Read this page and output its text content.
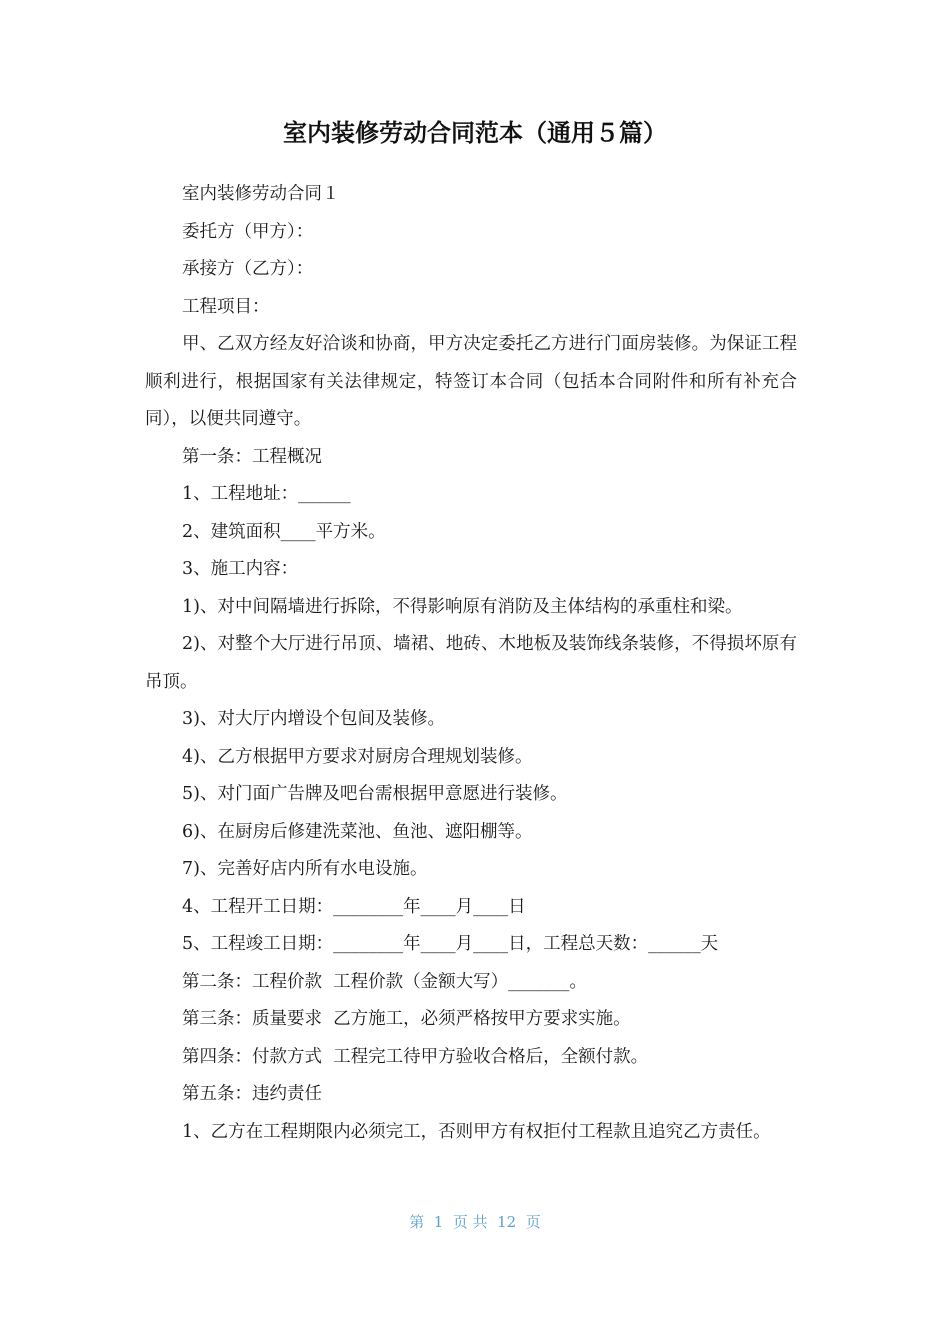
室内装修劳动合同范本（通用５篇）

室内装修劳动合同１

委托方（甲方）：

承接方（乙方）：

工程项目：

甲、乙双方经友好洽谈和协商，甲方决定委托乙方进行门面房装修。为保证工程顺利进行，根据国家有关法律规定，特签订本合同（包括本合同附件和所有补充合同），以便共同遵守。

第一条：工程概况

1、工程地址：______

2、建筑面积____平方米。

3、施工内容：

1)、对中间隔墙进行拆除，不得影响原有消防及主体结构的承重柱和梁。

2)、对整个大厅进行吊顶、墙裙、地砖、木地板及装饰线条装修，不得损坏原有吊顶。

3)、对大厅内增设个包间及装修。

4)、乙方根据甲方要求对厨房合理规划装修。

5)、对门面广告牌及吧台需根据甲意愿进行装修。

6)、在厨房后修建洗菜池、鱼池、遮阳棚等。

7)、完善好店内所有水电设施。

4、工程开工日期：________年____月____日

5、工程竣工日期：________年____月____日，工程总天数：______天

第二条：工程价款  工程价款（金额大写）_______。

第三条：质量要求  乙方施工，必须严格按甲方要求实施。

第四条：付款方式  工程完工待甲方验收合格后，全额付款。

第五条：违约责任

1、乙方在工程期限内必须完工，否则甲方有权拒付工程款且追究乙方责任。

第  1  页 共  12  页
